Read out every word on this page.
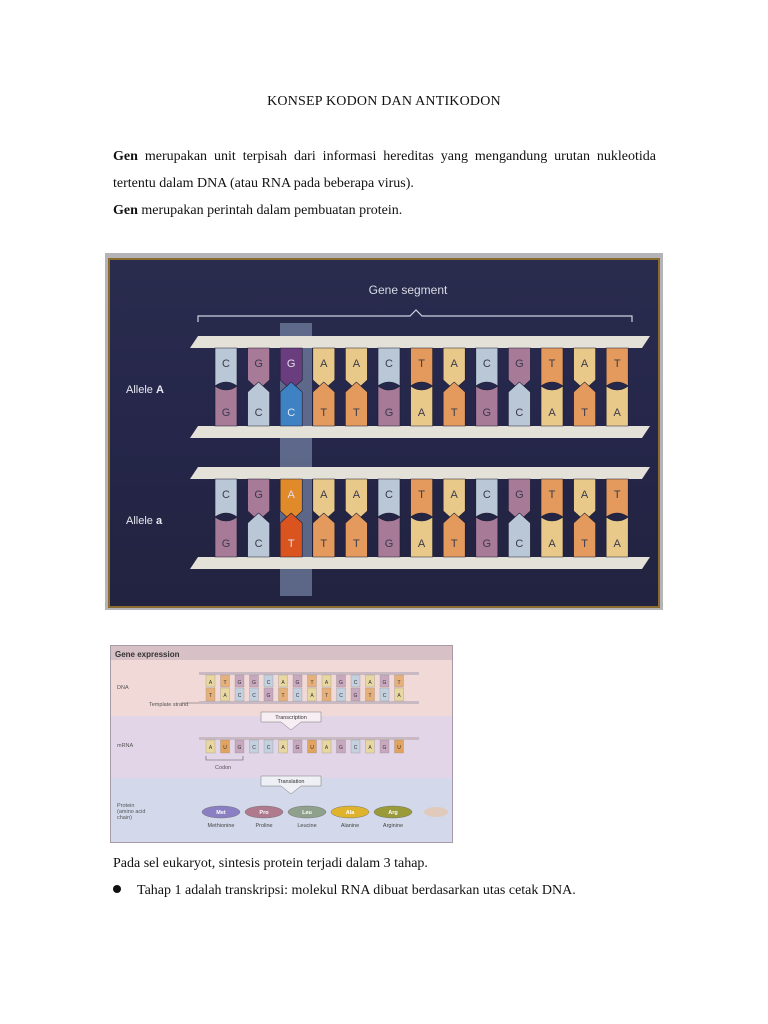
KONSEP KODON DAN ANTIKODON
Gen merupakan unit terpisah dari informasi hereditas yang mengandung urutan nukleotida tertentu dalam DNA (atau RNA pada beberapa virus).
Gen merupakan perintah dalam pembuatan protein.
Gene segment
Allele A
C
G
G
C
G
C
A
T
A
T
C
G
T
A
A
T
C
G
G
C
T
A
A
T
T
A
Allele a
C
G
G
C
A
T
A
T
A
T
C
G
T
A
A
T
C
G
G
C
T
A
A
T
T
A
Gene expression
DNA
Template strand
A T G G C A G T A G C A G T
T A C C G T C A T C G T C A
Transcription
mRNA	A U G C C A G U A G C A G U
Codon
Translation
Protein (amino acid chain)
Met
Methionine
Pro
Proline
Leu
Leucine
Ala
Alanine
Arg
Arginine
Pada sel eukaryot, sintesis protein terjadi dalam 3 tahap.
Tahap 1 adalah transkripsi: molekul RNA dibuat berdasarkan utas cetak DNA.
